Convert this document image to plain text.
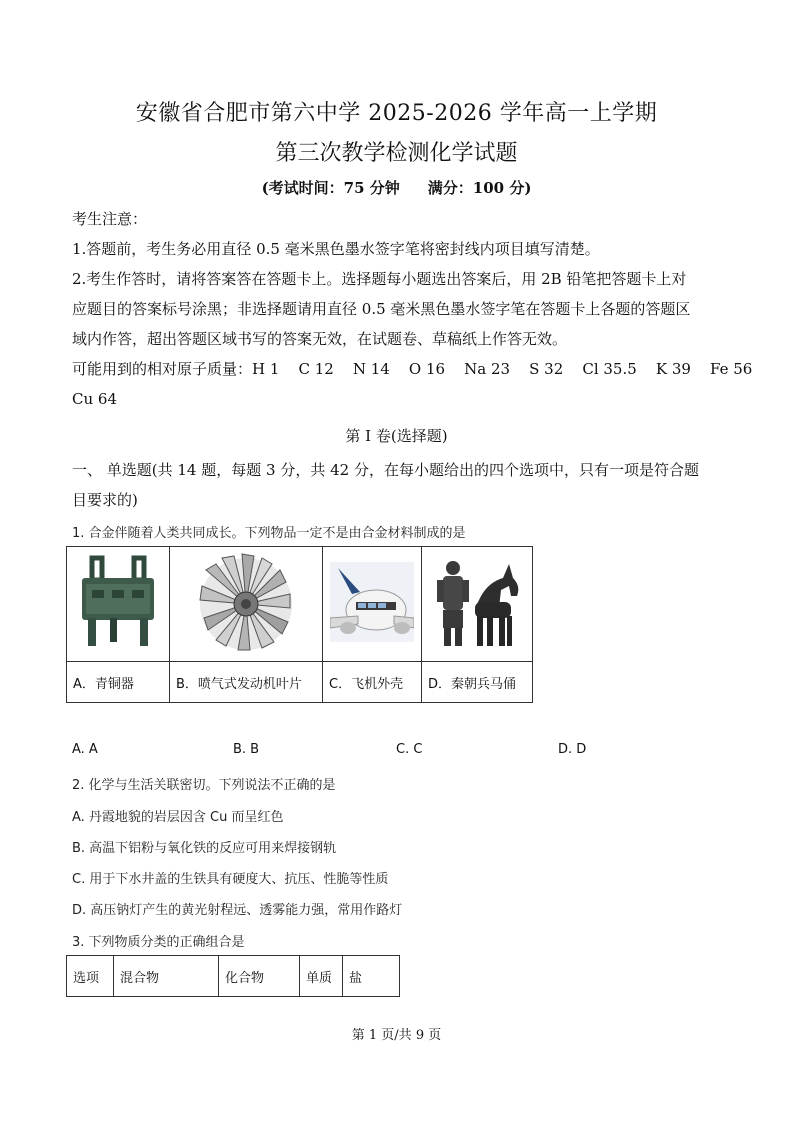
安徽省合肥市第六中学 2025-2026 学年高一上学期
第三次教学检测化学试题
(考试时间：75 分钟 满分：100 分)
考生注意：
1.答题前，考生务必用直径 0.5 毫米黑色墨水签字笔将密封线内项目填写清楚。
2.考生作答时，请将答案答在答题卡上。选择题每小题选出答案后，用 2B 铅笔把答题卡上对
应题目的答案标号涂黑；非选择题请用直径 0.5 毫米黑色墨水签字笔在答题卡上各题的答题区
域内作答，超出答题区域书写的答案无效，在试题卷、草稿纸上作答无效。
可能用到的相对原子质量：H 1    C 12    N 14    O 16    Na 23    S 32    Cl 35.5    K 39    Fe 56
Cu 64
第 I 卷(选择题)
一、 单选题(共 14 题，每题 3 分，共 42 分，在每小题给出的四个选项中，只有一项是符合题
目要求的)
1. 合金伴随着人类共同成长。下列物品一定不是由合金材料制成的是

A．青铜器	B．喷气式发动机叶片	C．飞机外壳	D．秦朝兵马俑
A. A	B. B	C. C	D. D
2. 化学与生活关联密切。下列说法不正确的是
A. 丹霞地貌的岩层因含 Cu 而呈红色
B. 高温下铝粉与氧化铁的反应可用来焊接钢轨
C. 用于下水井盖的生铁具有硬度大、抗压、性脆等性质
D. 高压钠灯产生的黄光射程远、透雾能力强，常用作路灯
3. 下列物质分类的正确组合是
选项	混合物	化合物	单质	盐
第 1 页/共 9 页
